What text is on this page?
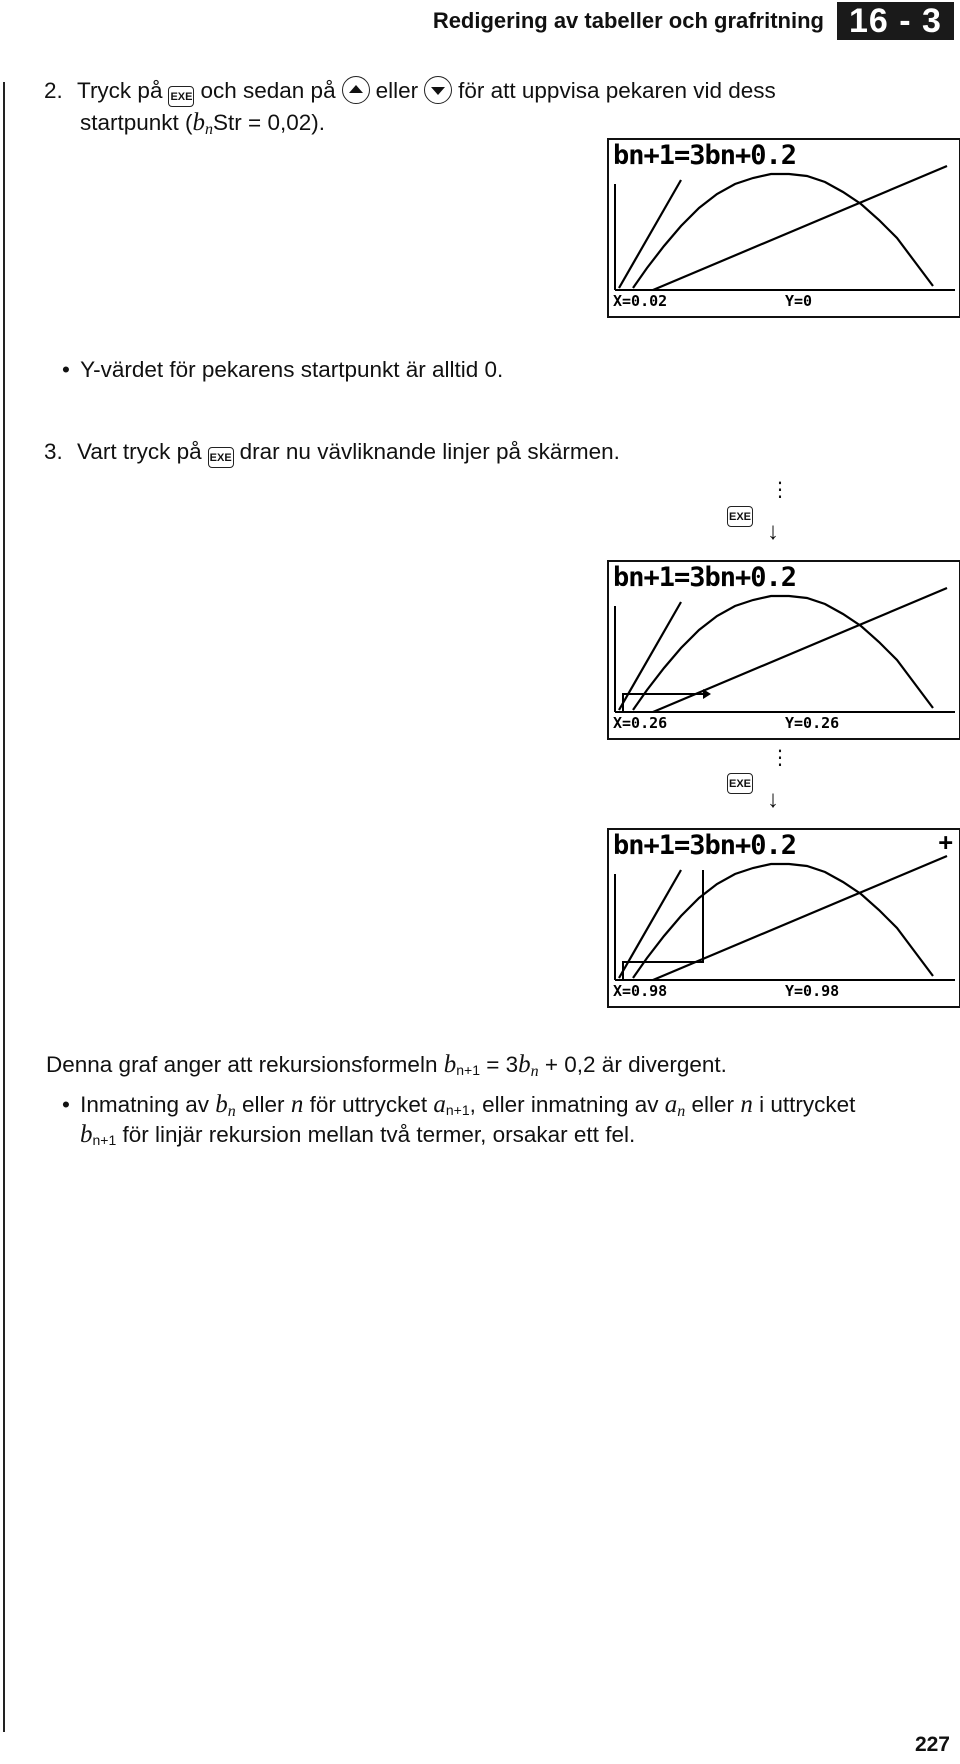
Redigering av tabeller och grafritning 16 - 3
2. Tryck på EXE och sedan på eller för att uppvisa pekaren vid dess
startpunkt (bnStr = 0,02).
bn+1=3bn+0.2
X=0.02	Y=0
• Y-värdet för pekarens startpunkt är alltid 0.
3. Vart tryck på EXE drar nu vävliknande linjer på skärmen.
EXE
⋮
↓
bn+1=3bn+0.2
X=0.26	Y=0.26
EXE
⋮
↓
bn+1=3bn+0.2	+
X=0.98	Y=0.98
Denna graf anger att rekursionsformeln bn+1 = 3bn + 0,2 är divergent.
• Inmatning av bn eller n för uttrycket an+1, eller inmatning av an eller n i uttrycket
bn+1 för linjär rekursion mellan två termer, orsakar ett fel.
227
